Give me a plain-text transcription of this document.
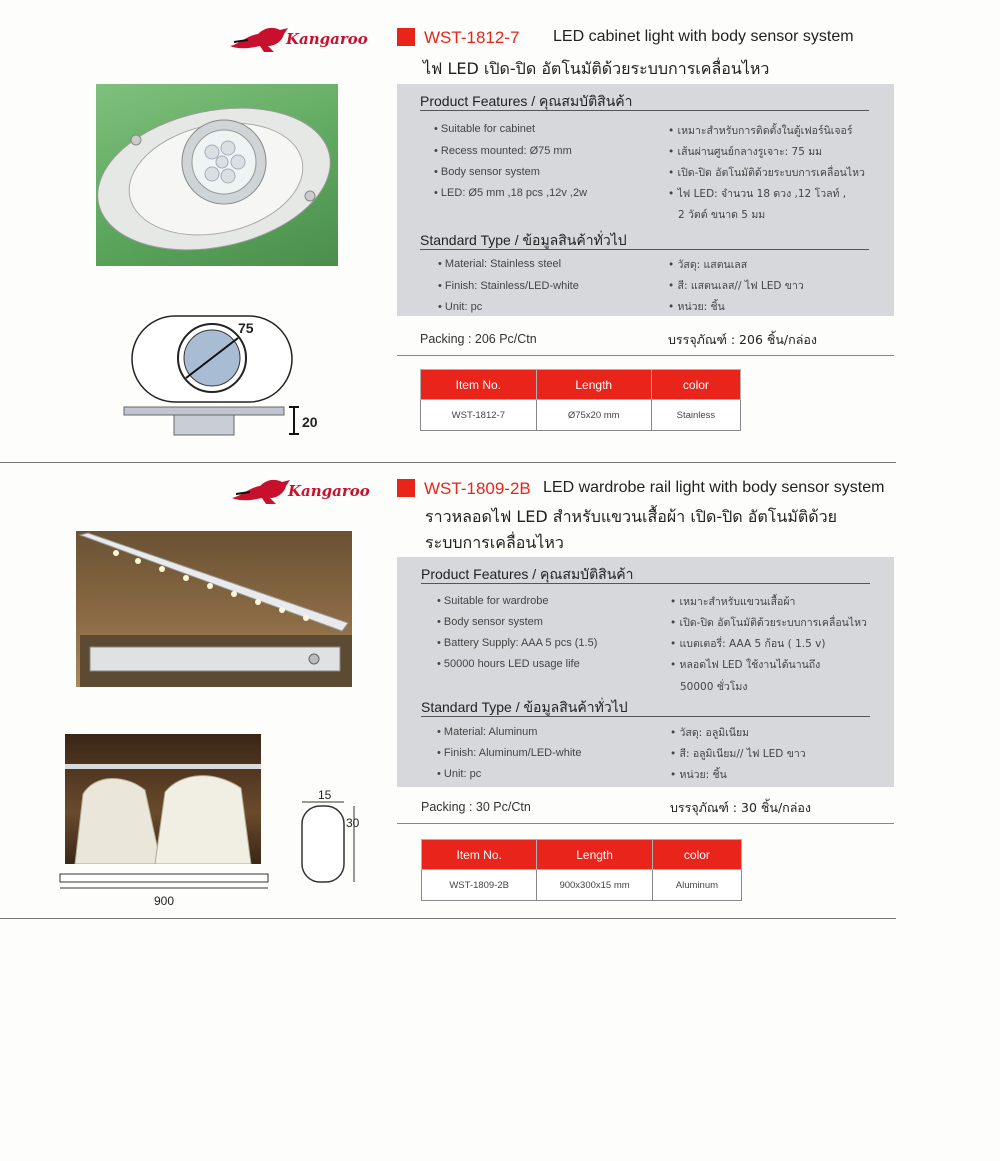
Kangaroo	WST-1812-7 LED cabinet light with body sensor system
ไฟ LED เปิด-ปิด อัตโนมัติด้วยระบบการเคลื่อนไหว
75
20
Product Features / คุณสมบัติสินค้า
• Suitable for cabinet
• Recess mounted: Ø75 mm
• Body sensor system
• LED: Ø5 mm ,18 pcs ,12v ,2w
• เหมาะสำหรับการติดตั้งในตู้เฟอร์นิเจอร์
• เส้นผ่านศูนย์กลางรูเจาะ: 75 มม
• เปิด-ปิด อัตโนมัติด้วยระบบการเคลื่อนไหว
• ไฟ LED: จำนวน 18 ดวง ,12 โวลท์ ,
2 วัตต์ ขนาด 5 มม
Standard Type / ข้อมูลสินค้าทั่วไป
• Material: Stainless steel
• Finish: Stainless/LED-white
• Unit: pc
• วัสดุ: แสตนเลส
• สี: แสตนเลส// ไฟ LED ขาว
• หน่วย: ชิ้น
Packing : 206 Pc/Ctn	บรรจุภัณฑ์ : 206 ชิ้น/กล่อง
Item No.	Length	color
WST-1812-7	Ø75x20 mm	Stainless
Kangaroo	WST-1809-2B LED wardrobe rail light with body sensor system
ราวหลอดไฟ LED สำหรับแขวนเสื้อผ้า เปิด-ปิด อัตโนมัติด้วย
ระบบการเคลื่อนไหว
900
15
30
Product Features / คุณสมบัติสินค้า
• Suitable for wardrobe
• Body sensor system
• Battery Supply: AAA 5 pcs (1.5)
• 50000 hours LED usage life
• เหมาะสำหรับแขวนเสื้อผ้า
• เปิด-ปิด อัตโนมัติด้วยระบบการเคลื่อนไหว
• แบตเตอรี่: AAA 5 ก้อน ( 1.5 v)
• หลอดไฟ LED ใช้งานได้นานถึง
50000 ชั่วโมง
Standard Type / ข้อมูลสินค้าทั่วไป
• Material: Aluminum
• Finish: Aluminum/LED-white
• Unit: pc
• วัสดุ: อลูมิเนียม
• สี: อลูมิเนียม// ไฟ LED ขาว
• หน่วย: ชิ้น
Packing : 30 Pc/Ctn	บรรจุภัณฑ์ : 30 ชิ้น/กล่อง
Item No.	Length	color
WST-1809-2B	900x300x15 mm	Aluminum
